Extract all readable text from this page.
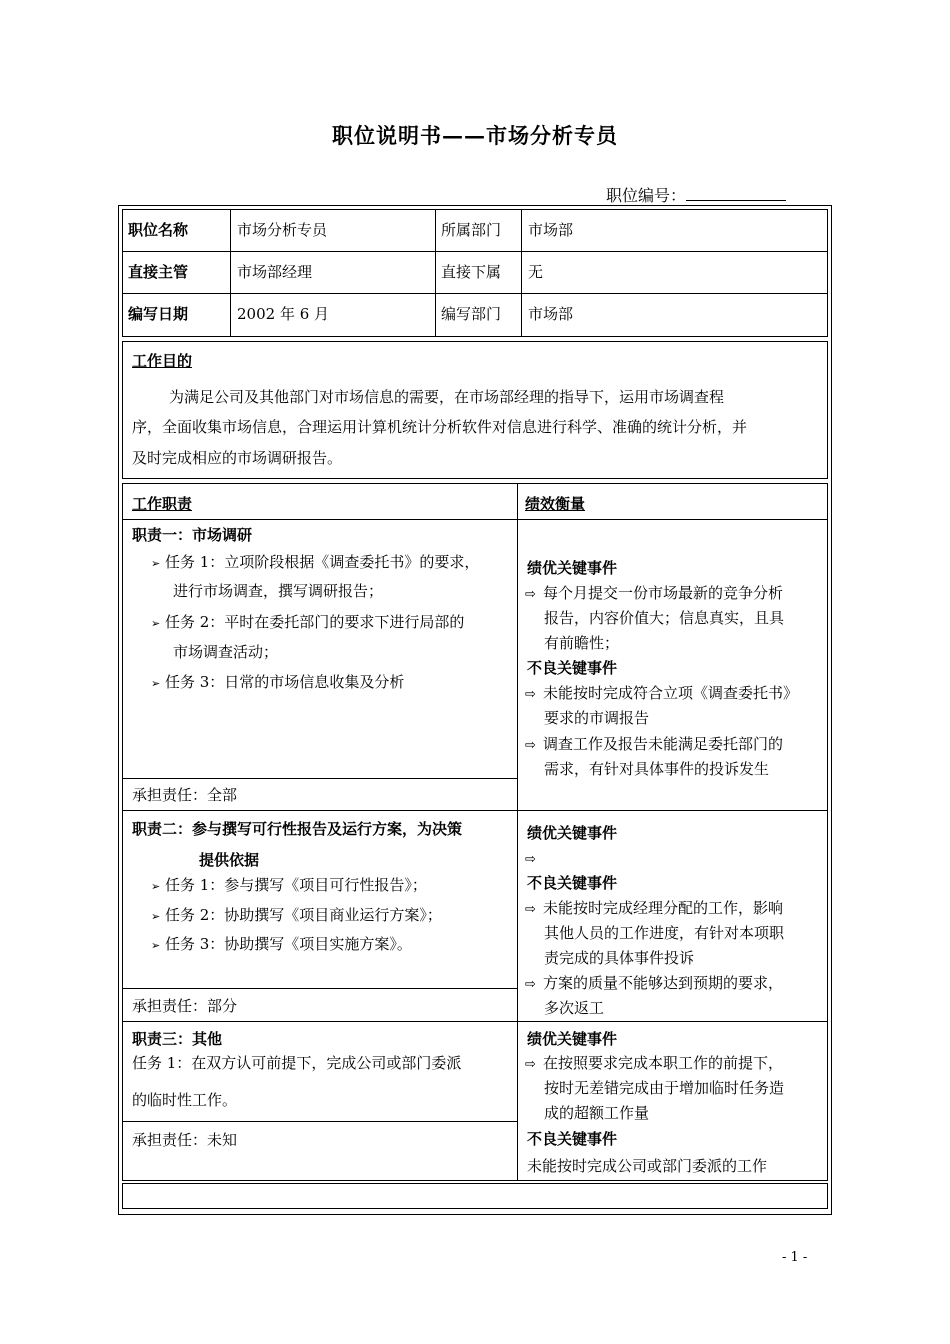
职位说明书——市场分析专员
职位编号：
职位名称	市场分析专员	所属部门 市场部
直接主管	市场部经理	直接下属 无
编写日期	2002 年 6 月	编写部门 市场部
工作目的
为满足公司及其他部门对市场信息的需要，在市场部经理的指导下，运用市场调查程
序，全面收集市场信息，合理运用计算机统计分析软件对信息进行科学、准确的统计分析，并
及时完成相应的市场调研报告。
工作职责	绩效衡量
职责一：市场调研
➢ 任务 1：立项阶段根据《调查委托书》的要求，
进行市场调查，撰写调研报告；
➢ 任务 2：平时在委托部门的要求下进行局部的
市场调查活动；
➢ 任务 3：日常的市场信息收集及分析
承担责任：全部
绩优关键事件
⇨ 每个月提交一份市场最新的竞争分析
报告，内容价值大；信息真实，且具
有前瞻性；
不良关键事件
⇨ 未能按时完成符合立项《调查委托书》
要求的市调报告
⇨ 调查工作及报告未能满足委托部门的
需求，有针对具体事件的投诉发生
职责二：参与撰写可行性报告及运行方案，为决策
提供依据
➢ 任务 1：参与撰写《项目可行性报告》；
➢ 任务 2：协助撰写《项目商业运行方案》；
➢ 任务 3：协助撰写《项目实施方案》。
承担责任：部分
绩优关键事件
⇨
不良关键事件
⇨ 未能按时完成经理分配的工作，影响
其他人员的工作进度，有针对本项职
责完成的具体事件投诉
⇨ 方案的质量不能够达到预期的要求，
多次返工
职责三：其他
任务 1：在双方认可前提下，完成公司或部门委派
的临时性工作。
承担责任：未知
绩优关键事件
⇨ 在按照要求完成本职工作的前提下，
按时无差错完成由于增加临时任务造
成的超额工作量
不良关键事件
未能按时完成公司或部门委派的工作
- 1 -
